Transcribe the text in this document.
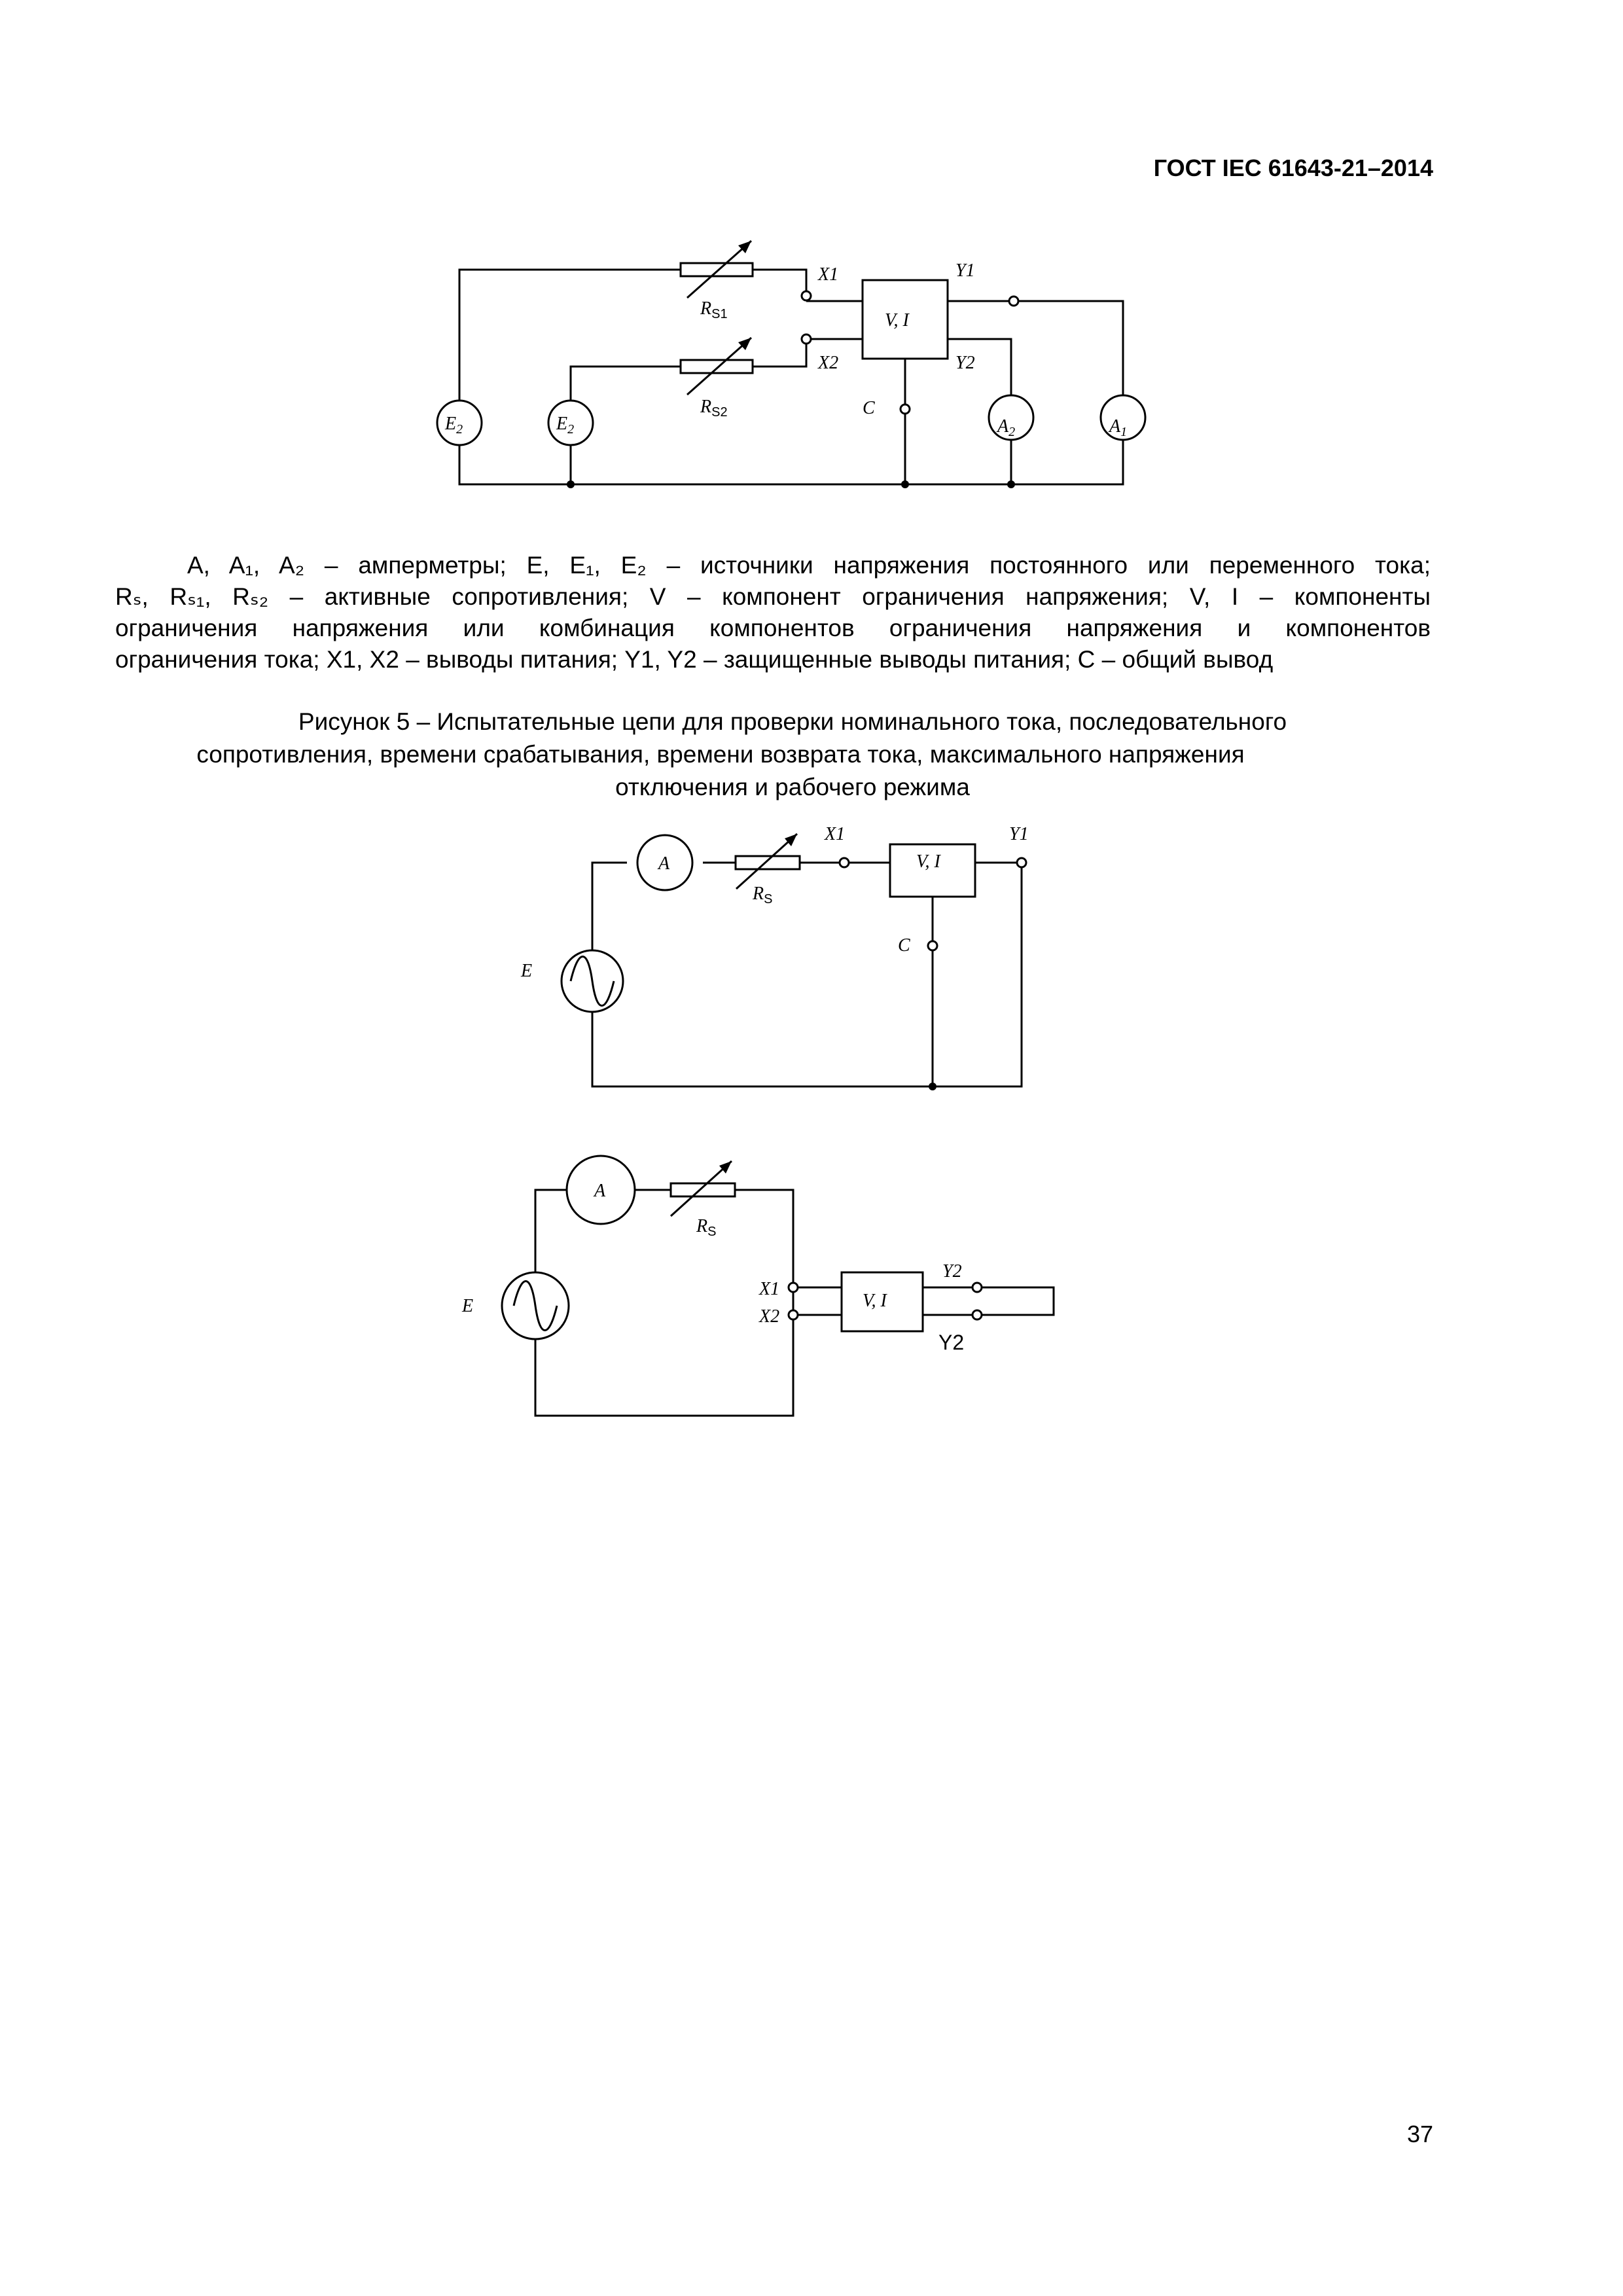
ГОСТ IEC 61643-21–2014
X1
X2
Y1
Y2
C
V, I
$R_{S1}$
$R_{S2}$
$E_2$	$E_2$	$A_2$	$A_1$
A, A₁, A₂ – амперметры; E, E₁, E₂ – источники напряжения постоянного или переменного тока;
Rₛ, Rₛ₁, Rₛ₂ – активные сопротивления; V – компонент ограничения напряжения; V, I – компоненты
ограничения напряжения или комбинация компонентов ограничения напряжения и компонентов
ограничения тока; X1, X2 – выводы питания; Y1, Y2 – защищенные выводы питания; C – общий вывод
Рисунок 5 – Испытательные цепи для проверки номинального тока, последовательного
сопротивления, времени срабатывания, времени возврата тока, максимального напряжения
отключения и рабочего режима
A
$R_S$
X1	Y1
V, I
C
E
A
$R_S$
E
X1
X2
V, I
Y2
Y2
37
